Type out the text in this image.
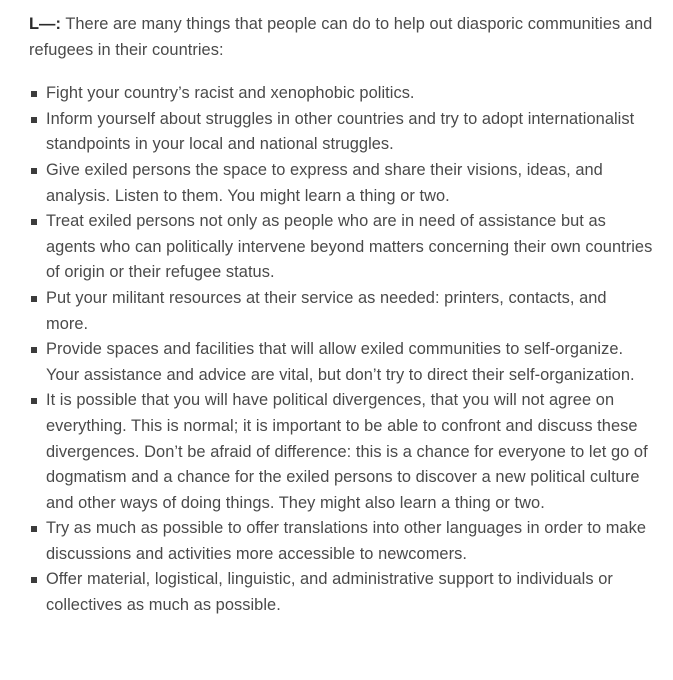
L—: There are many things that people can do to help out diasporic communities and refugees in their countries:

Fight your country’s racist and xenophobic politics.
Inform yourself about struggles in other countries and try to adopt internationalist standpoints in your local and national struggles.
Give exiled persons the space to express and share their visions, ideas, and analysis. Listen to them. You might learn a thing or two.
Treat exiled persons not only as people who are in need of assistance but as agents who can politically intervene beyond matters concerning their own countries of origin or their refugee status.
Put your militant resources at their service as needed: printers, contacts, and more.
Provide spaces and facilities that will allow exiled communities to self-organize. Your assistance and advice are vital, but don’t try to direct their self-organization.
It is possible that you will have political divergences, that you will not agree on everything. This is normal; it is important to be able to confront and discuss these divergences. Don’t be afraid of difference: this is a chance for everyone to let go of dogmatism and a chance for the exiled persons to discover a new political culture and other ways of doing things. They might also learn a thing or two.
Try as much as possible to offer translations into other languages in order to make discussions and activities more accessible to newcomers.
Offer material, logistical, linguistic, and administrative support to individuals or collectives as much as possible.
